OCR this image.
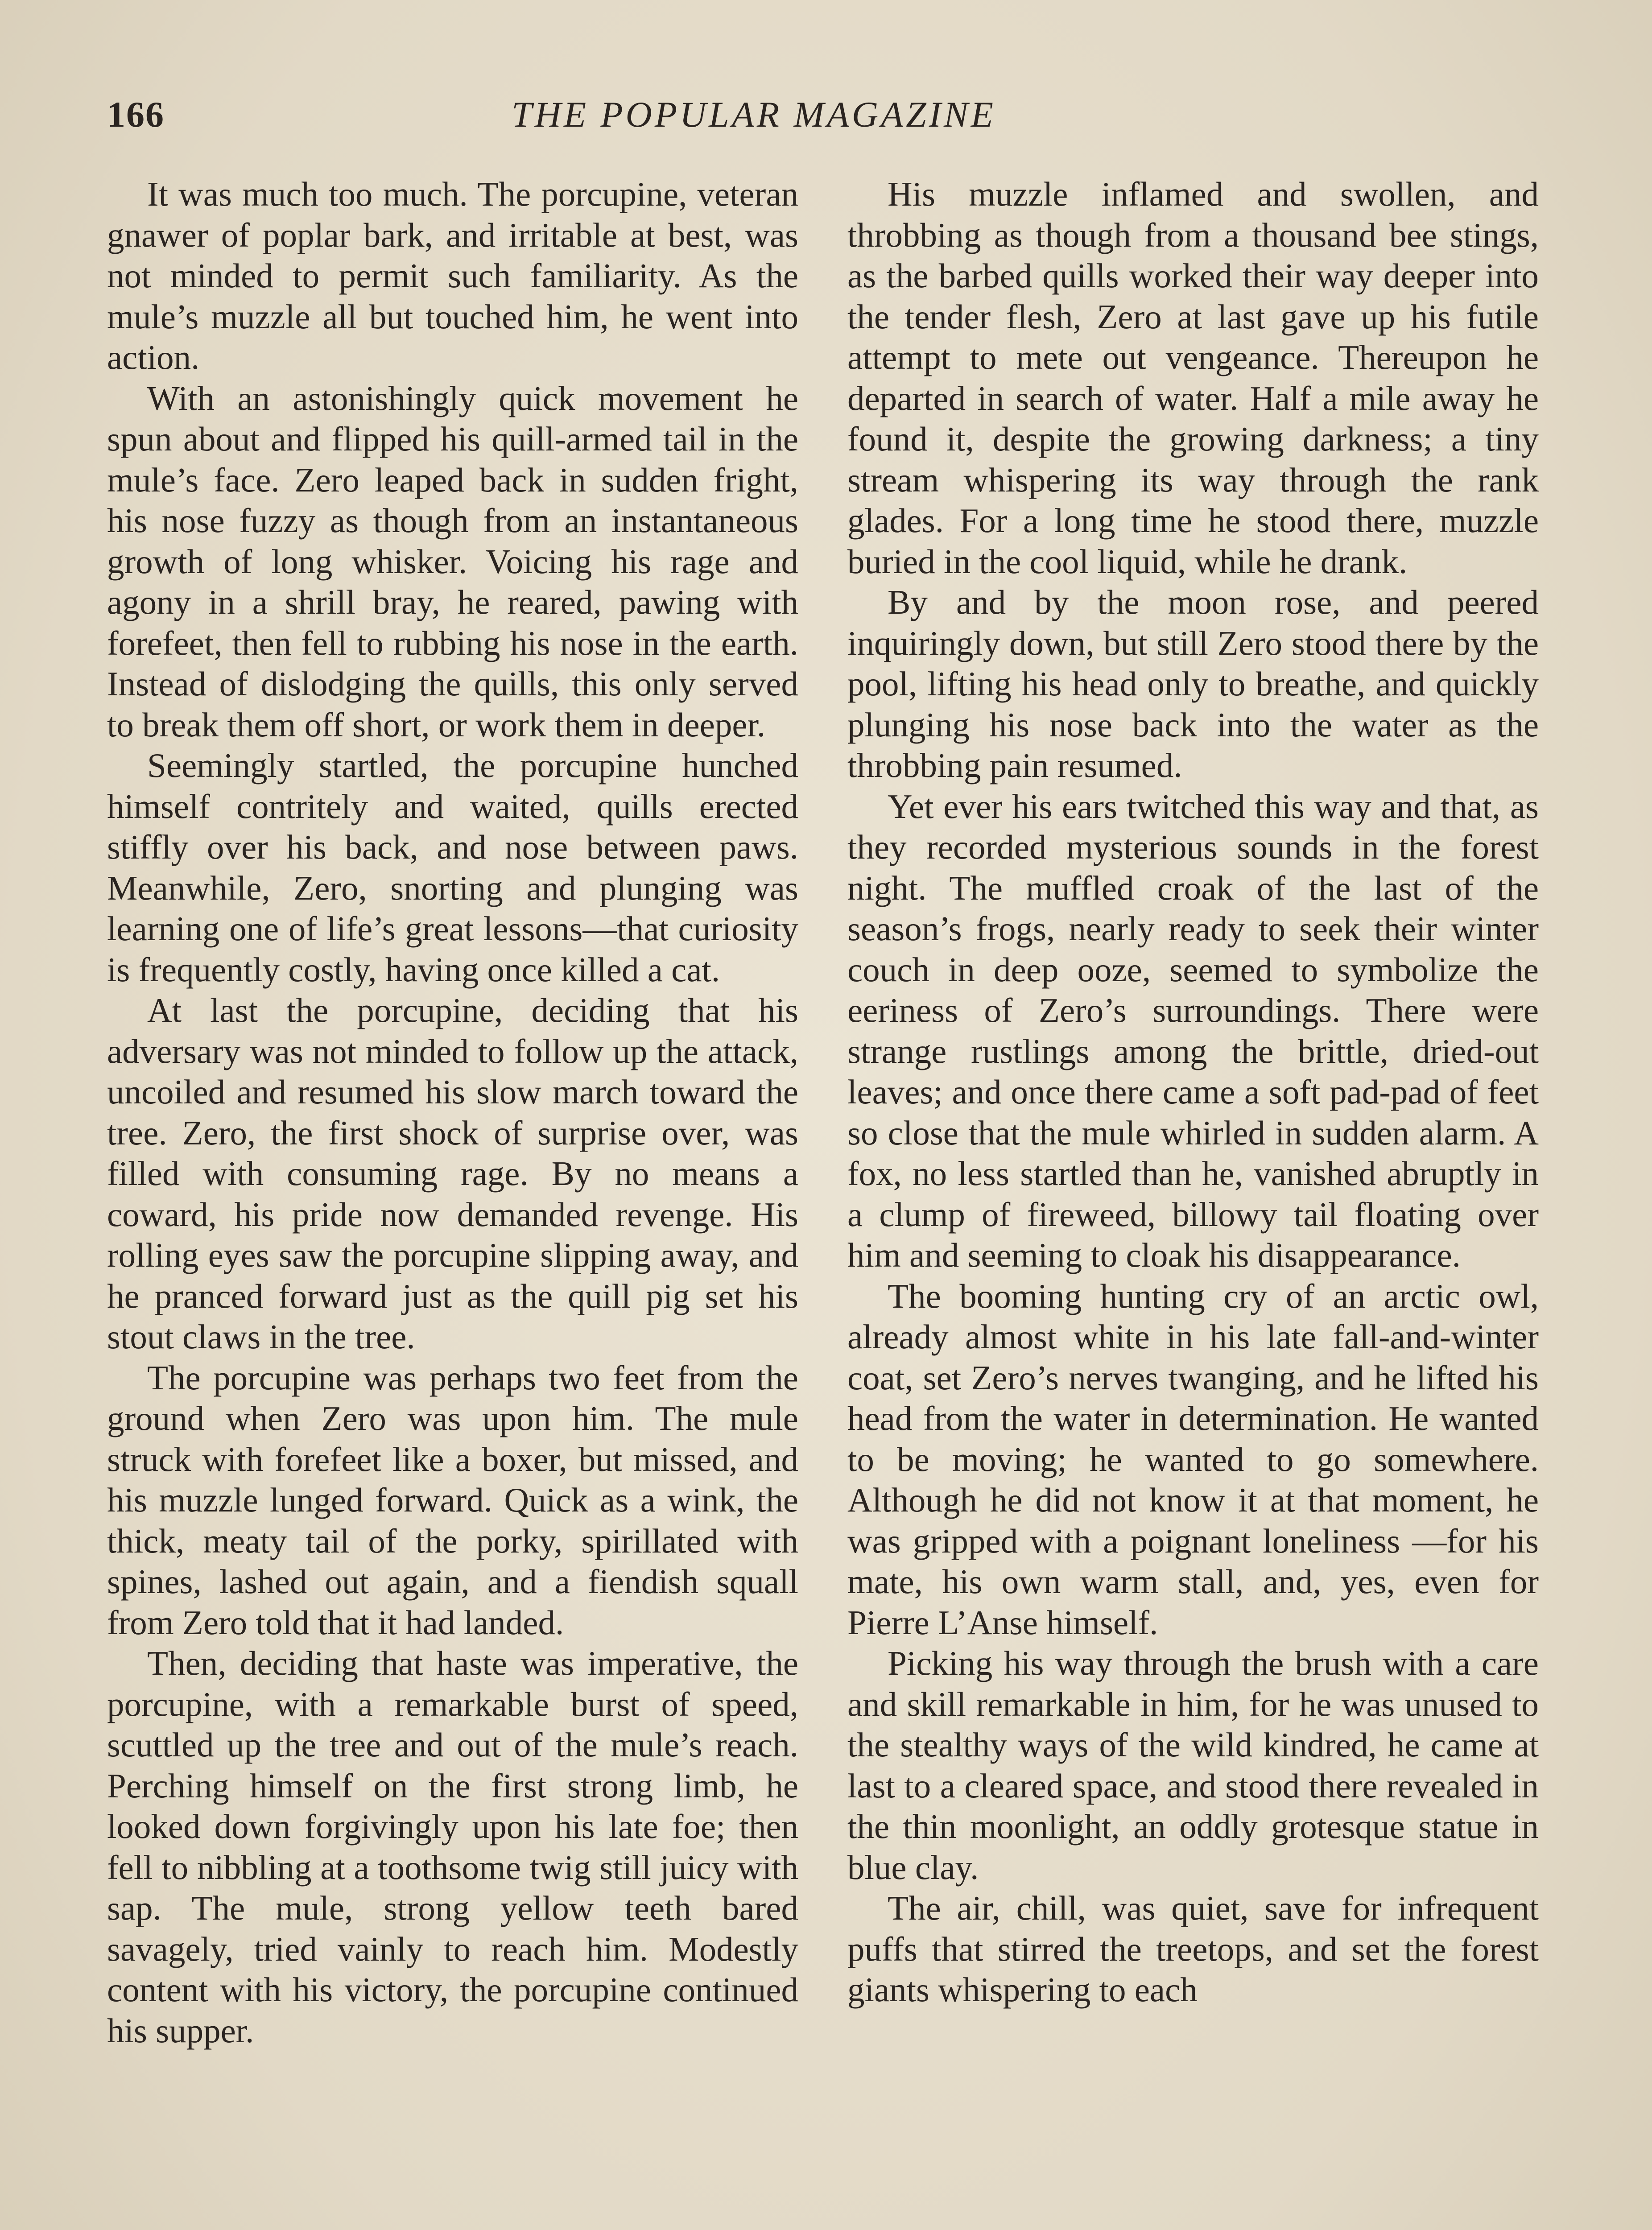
166	THE POPULAR MAGAZINE

It was much too much. The porcupine, veteran gnawer of poplar bark, and irritable at best, was not minded to permit such familiarity. As the mule’s muzzle all but touched him, he went into action.

With an astonishingly quick movement he spun about and flipped his quill-armed tail in the mule’s face. Zero leaped back in sudden fright, his nose fuzzy as though from an instantaneous growth of long whisker. Voicing his rage and agony in a shrill bray, he reared, pawing with forefeet, then fell to rubbing his nose in the earth. Instead of dislodging the quills, this only served to break them off short, or work them in deeper.

Seemingly startled, the porcupine hunched himself contritely and waited, quills erected stiffly over his back, and nose between paws. Meanwhile, Zero, snorting and plunging was learning one of life’s great lessons—that curiosity is frequently costly, having once killed a cat.

At last the porcupine, deciding that his adversary was not minded to follow up the attack, uncoiled and resumed his slow march toward the tree. Zero, the first shock of surprise over, was filled with consuming rage. By no means a coward, his pride now demanded revenge. His rolling eyes saw the porcupine slipping away, and he pranced forward just as the quill pig set his stout claws in the tree.

The porcupine was perhaps two feet from the ground when Zero was upon him. The mule struck with forefeet like a boxer, but missed, and his muzzle lunged forward. Quick as a wink, the thick, meaty tail of the porky, spirillated with spines, lashed out again, and a fiendish squall from Zero told that it had landed.

Then, deciding that haste was imperative, the porcupine, with a remarkable burst of speed, scuttled up the tree and out of the mule’s reach. Perching himself on the first strong limb, he looked down forgivingly upon his late foe; then fell to nibbling at a toothsome twig still juicy with sap. The mule, strong yellow teeth bared savagely, tried vainly to reach him. Modestly content with his victory, the porcupine continued his supper.

His muzzle inflamed and swollen, and throbbing as though from a thousand bee stings, as the barbed quills worked their way deeper into the tender flesh, Zero at last gave up his futile attempt to mete out vengeance. Thereupon he departed in search of water. Half a mile away he found it, despite the growing darkness; a tiny stream whispering its way through the rank glades. For a long time he stood there, muzzle buried in the cool liquid, while he drank.

By and by the moon rose, and peered inquiringly down, but still Zero stood there by the pool, lifting his head only to breathe, and quickly plunging his nose back into the water as the throbbing pain resumed.

Yet ever his ears twitched this way and that, as they recorded mysterious sounds in the forest night. The muffled croak of the last of the season’s frogs, nearly ready to seek their winter couch in deep ooze, seemed to symbolize the eeriness of Zero’s surroundings. There were strange rustlings among the brittle, dried-out leaves; and once there came a soft pad-pad of feet so close that the mule whirled in sudden alarm. A fox, no less startled than he, vanished abruptly in a clump of fireweed, billowy tail floating over him and seeming to cloak his disappearance.

The booming hunting cry of an arctic owl, already almost white in his late fall-and-winter coat, set Zero’s nerves twanging, and he lifted his head from the water in determination. He wanted to be moving; he wanted to go somewhere. Although he did not know it at that moment, he was gripped with a poignant loneliness —for his mate, his own warm stall, and, yes, even for Pierre L’Anse himself.

Picking his way through the brush with a care and skill remarkable in him, for he was unused to the stealthy ways of the wild kindred, he came at last to a cleared space, and stood there revealed in the thin moonlight, an oddly grotesque statue in blue clay.

The air, chill, was quiet, save for infrequent puffs that stirred the treetops, and set the forest giants whispering to each
